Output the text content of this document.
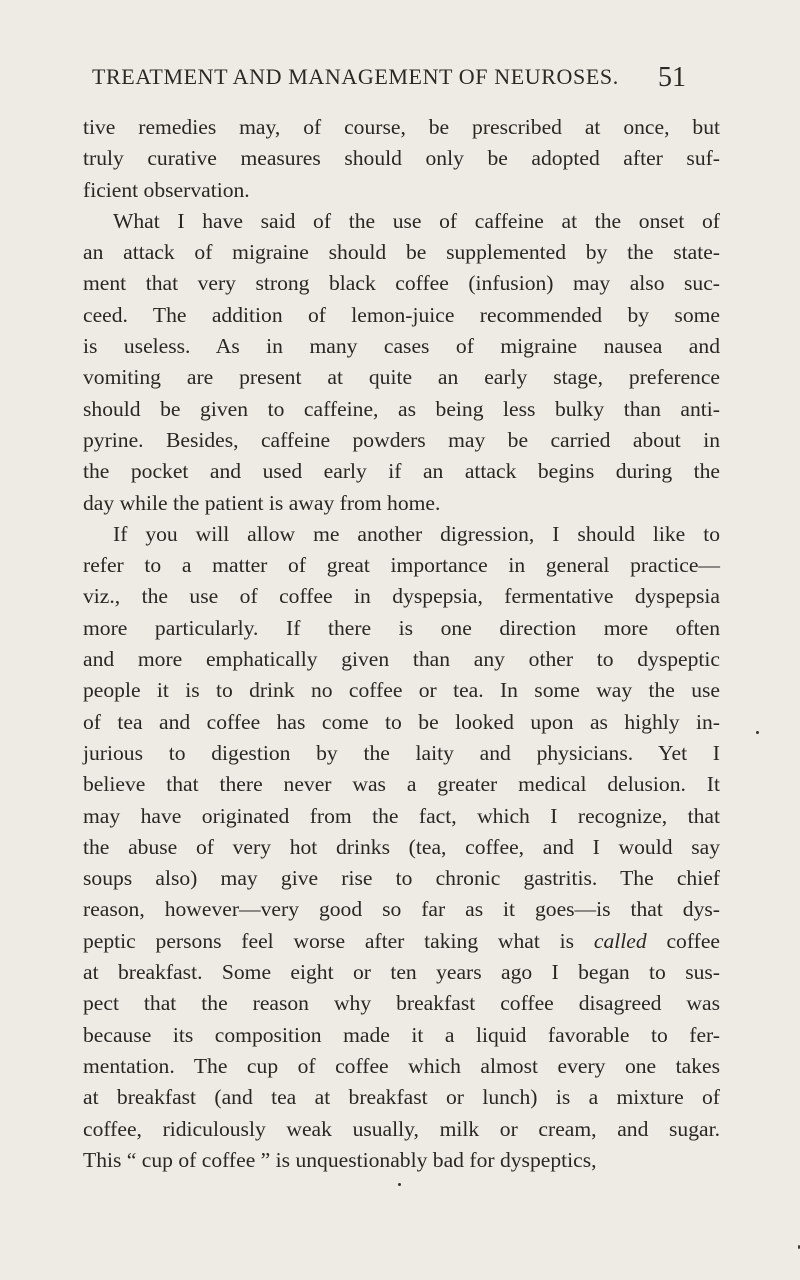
TREATMENT AND MANAGEMENT OF NEUROSES. 51

tive remedies may, of course, be prescribed at once, but
truly curative measures should only be adopted after suf-
ficient observation.

What I have said of the use of caffeine at the onset of
an attack of migraine should be supplemented by the state-
ment that very strong black coffee (infusion) may also suc-
ceed. The addition of lemon-juice recommended by some
is useless. As in many cases of migraine nausea and
vomiting are present at quite an early stage, preference
should be given to caffeine, as being less bulky than anti-
pyrine. Besides, caffeine powders may be carried about in
the pocket and used early if an attack begins during the
day while the patient is away from home.

If you will allow me another digression, I should like to
refer to a matter of great importance in general practice—
viz., the use of coffee in dyspepsia, fermentative dyspepsia
more particularly. If there is one direction more often
and more emphatically given than any other to dyspeptic
people it is to drink no coffee or tea. In some way the use
of tea and coffee has come to be looked upon as highly in-
jurious to digestion by the laity and physicians. Yet I
believe that there never was a greater medical delusion. It
may have originated from the fact, which I recognize, that
the abuse of very hot drinks (tea, coffee, and I would say
soups also) may give rise to chronic gastritis. The chief
reason, however—very good so far as it goes—is that dys-
peptic persons feel worse after taking what is called coffee
at breakfast. Some eight or ten years ago I began to sus-
pect that the reason why breakfast coffee disagreed was
because its composition made it a liquid favorable to fer-
mentation. The cup of coffee which almost every one takes
at breakfast (and tea at breakfast or lunch) is a mixture of
coffee, ridiculously weak usually, milk or cream, and sugar.
This “ cup of coffee ” is unquestionably bad for dyspeptics,
